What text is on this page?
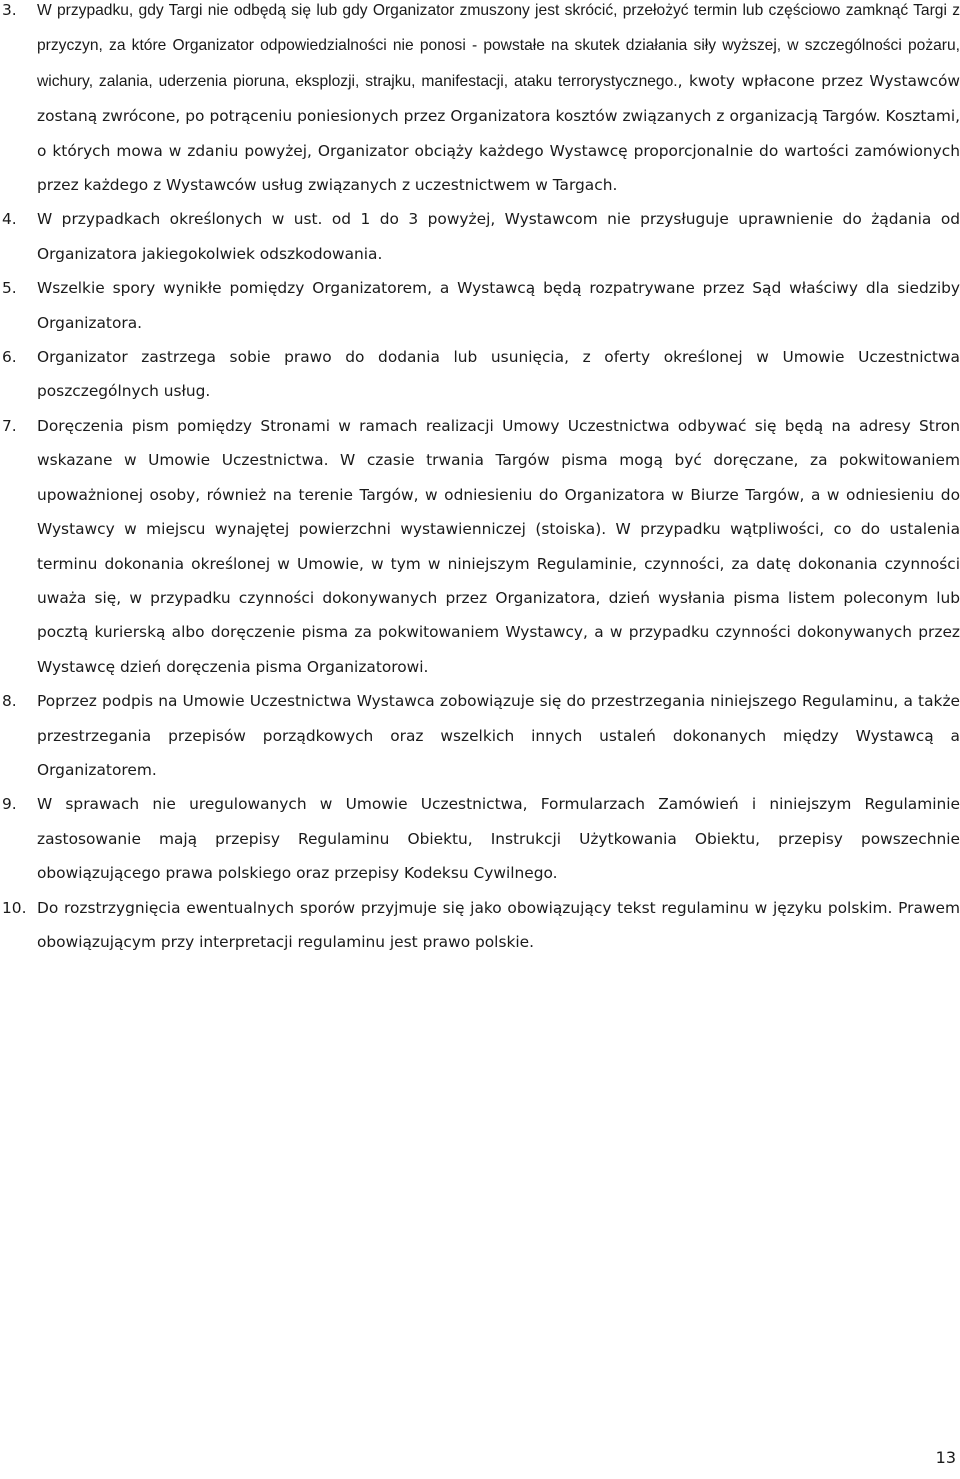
3. W przypadku, gdy Targi nie odbędą się lub gdy Organizator zmuszony jest skrócić, przełożyć termin lub częściowo zamknąć Targi z przyczyn, za które Organizator odpowiedzialności nie ponosi - powstałe na skutek działania siły wyższej, w szczególności pożaru, wichury, zalania, uderzenia pioruna, eksplozji, strajku, manifestacji, ataku terrorystycznego., kwoty wpłacone przez Wystawców zostaną zwrócone, po potrąceniu poniesionych przez Organizatora kosztów związanych z organizacją Targów. Kosztami, o których mowa w zdaniu powyżej, Organizator obciąży każdego Wystawcę proporcjonalnie do wartości zamówionych przez każdego z Wystawców usług związanych z uczestnictwem w Targach.

4. W przypadkach określonych w ust. od 1 do 3 powyżej, Wystawcom nie przysługuje uprawnienie do żądania od Organizatora jakiegokolwiek odszkodowania.

5. Wszelkie spory wynikłe pomiędzy Organizatorem, a Wystawcą będą rozpatrywane przez Sąd właściwy dla siedziby Organizatora.

6. Organizator zastrzega sobie prawo do dodania lub usunięcia, z oferty określonej w Umowie Uczestnictwa poszczególnych usług.

7. Doręczenia pism pomiędzy Stronami w ramach realizacji Umowy Uczestnictwa odbywać się będą na adresy Stron wskazane w Umowie Uczestnictwa. W czasie trwania Targów pisma mogą być doręczane, za pokwitowaniem upoważnionej osoby, również na terenie Targów, w odniesieniu do Organizatora w Biurze Targów, a w odniesieniu do Wystawcy w miejscu wynajętej powierzchni wystawienniczej (stoiska). W przypadku wątpliwości, co do ustalenia terminu dokonania określonej w Umowie, w tym w niniejszym Regulaminie, czynności, za datę dokonania czynności uważa się, w przypadku czynności dokonywanych przez Organizatora, dzień wysłania pisma listem poleconym lub pocztą kurierską albo doręczenie pisma za pokwitowaniem Wystawcy, a w przypadku czynności dokonywanych przez Wystawcę dzień doręczenia pisma Organizatorowi.

8. Poprzez podpis na Umowie Uczestnictwa Wystawca zobowiązuje się do przestrzegania niniejszego Regulaminu, a także przestrzegania przepisów porządkowych oraz wszelkich innych ustaleń dokonanych między Wystawcą a Organizatorem.

9. W sprawach nie uregulowanych w Umowie Uczestnictwa, Formularzach Zamówień i niniejszym Regulaminie zastosowanie mają przepisy Regulaminu Obiektu, Instrukcji Użytkowania Obiektu, przepisy powszechnie obowiązującego prawa polskiego oraz przepisy Kodeksu Cywilnego.

10. Do rozstrzygnięcia ewentualnych sporów przyjmuje się jako obowiązujący tekst regulaminu w języku polskim. Prawem obowiązującym przy interpretacji regulaminu jest prawo polskie.

13
